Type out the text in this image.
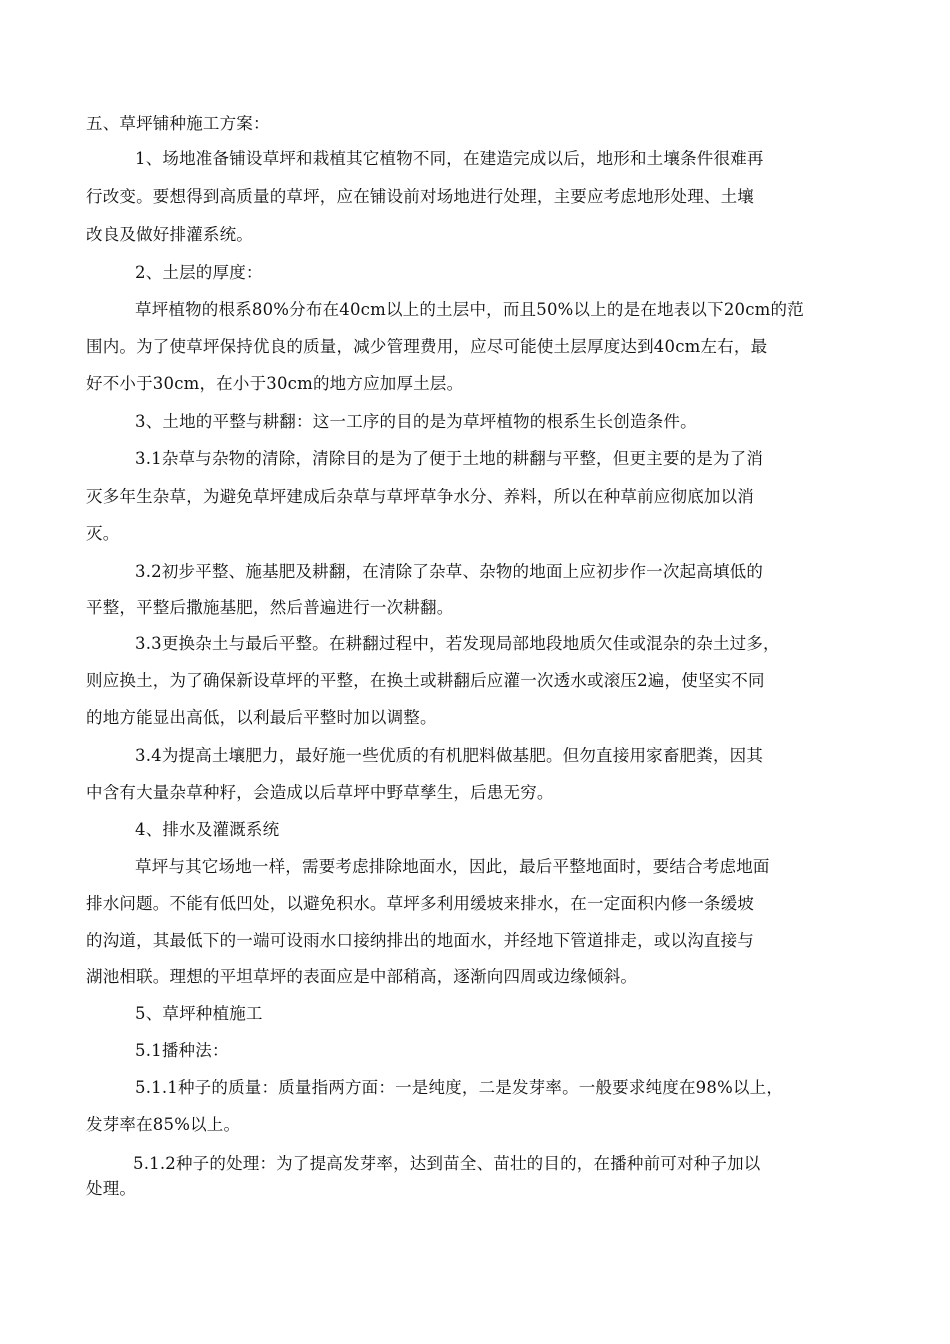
五、草坪铺种施工方案：
1、场地准备铺设草坪和栽植其它植物不同，在建造完成以后，地形和土壤条件很难再
行改变。要想得到高质量的草坪，应在铺设前对场地进行处理，主要应考虑地形处理、土壤
改良及做好排灌系统。
2、土层的厚度：
草坪植物的根系80%分布在40cm以上的土层中，而且50%以上的是在地表以下20cm的范
围内。为了使草坪保持优良的质量，减少管理费用，应尽可能使土层厚度达到40cm左右，最
好不小于30cm，在小于30cm的地方应加厚土层。
3、土地的平整与耕翻：这一工序的目的是为草坪植物的根系生长创造条件。
3.1杂草与杂物的清除，清除目的是为了便于土地的耕翻与平整，但更主要的是为了消
灭多年生杂草，为避免草坪建成后杂草与草坪草争水分、养料，所以在种草前应彻底加以消
灭。
3.2初步平整、施基肥及耕翻，在清除了杂草、杂物的地面上应初步作一次起高填低的
平整，平整后撒施基肥，然后普遍进行一次耕翻。
3.3更换杂土与最后平整。在耕翻过程中，若发现局部地段地质欠佳或混杂的杂土过多，
则应换土，为了确保新设草坪的平整，在换土或耕翻后应灌一次透水或滚压2遍，使坚实不同
的地方能显出高低，以利最后平整时加以调整。
3.4为提高土壤肥力，最好施一些优质的有机肥料做基肥。但勿直接用家畜肥粪，因其
中含有大量杂草种籽，会造成以后草坪中野草孳生，后患无穷。
4、排水及灌溉系统
草坪与其它场地一样，需要考虑排除地面水，因此，最后平整地面时，要结合考虑地面
排水问题。不能有低凹处，以避免积水。草坪多利用缓坡来排水，在一定面积内修一条缓坡
的沟道，其最低下的一端可设雨水口接纳排出的地面水，并经地下管道排走，或以沟直接与
湖池相联。理想的平坦草坪的表面应是中部稍高，逐渐向四周或边缘倾斜。
5、草坪种植施工
5.1播种法：
5.1.1种子的质量：质量指两方面：一是纯度，二是发芽率。一般要求纯度在98%以上，
发芽率在85%以上。
5.1.2种子的处理：为了提高发芽率，达到苗全、苗壮的目的，在播种前可对种子加以
处理。
